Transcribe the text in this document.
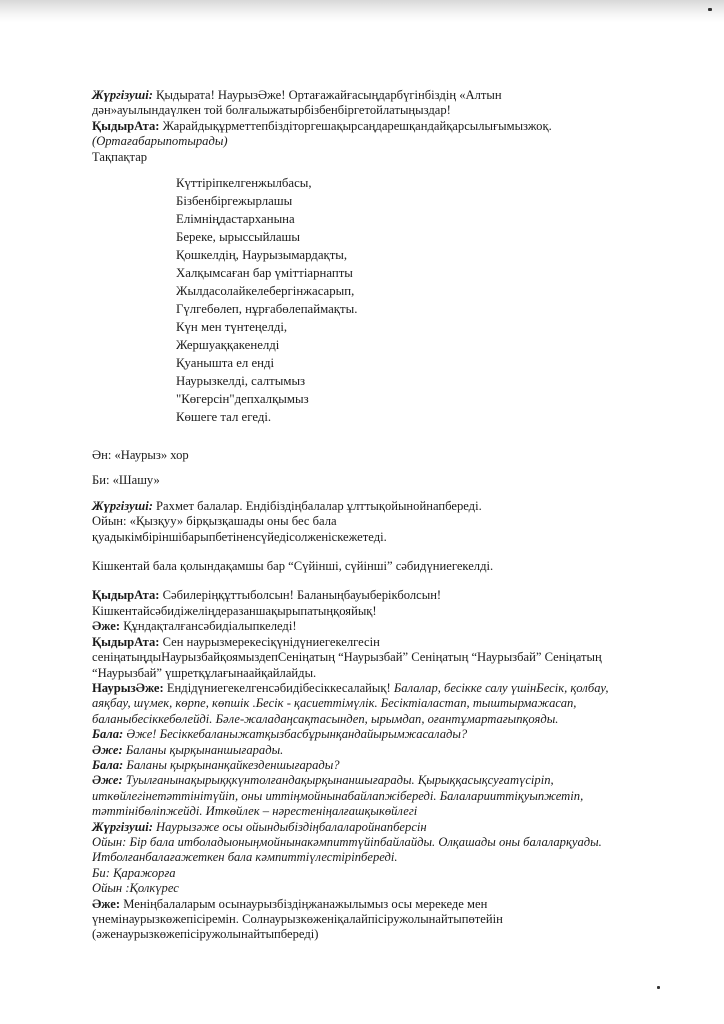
Жүргізуші: Қыдырата! НаурызӘже! Ортағажайғасыңдарбүгінбіздің «Алтын
дән»ауылындаүлкен той болғалыжатырбізбенбіргетойлатыңыздар!
ҚыдырАта: Жарайдықұрметтепбіздіторгешақырсаңдарешқандайқарсылығымызжоқ.
(Ортағабарыпотырады)
Тақпақтар
Күттіріпкелгенжылбасы,
Бізбенбіргежырлашы
Елімніңдастарханына
Береке, ырыссыйлашы
Қошкелдің, Наурызымардақты,
Халқымсаған бар үміттіарнапты
Жылдасолайкелебергінжасарып,
Гүлгебөлеп, нұрғабөлепаймақты.
Күн мен түнтеңелді,
Жершуаққакенелді
Қуаныштa ел енді
Наурызкелді, салтымыз
"Көгерсін"депхалқымыз
Көшеге тал егеді.
Ән: «Наурыз» хор
Би: «Шашу»
Жүргізуші: Рахмет балалар. Ендібіздіңбалалар ұлттықойынойнапбереді.
Ойын: «Қызқуу» бірқызқашады оны бес бала
қуадыкімбіріншібарыпбетіненсүйедісолженіскежетеді.
Кішкентай бала қолындақамшы бар “Сүйінші, сүйінші” сәбидүниегекелді.
ҚыдырАта: Сәбилеріңқұттыболсын! Баланыңбауыберікболсын!
Кішкентайсәбидіжеліңдеразаншақырыпатыңқояйық!
Әже: Құндақталғансәбидіалыпкеледі!
ҚыдырАта: Сен наурызмерекесіқүнідүниегекелгесін
сеніңатыңдыНаурызбайқоямыздепСеніңатың “Наурызбай” Сеніңатың “Наурызбай” Сеніңатың
“Наурызбай” үшретқұлағынаайқайлайды.
НаурызӘже: Ендідүниегекелгенсәбидібесіккесалайық! Балалар, бесікке салу үшінБесік, қолбау,
аяқбау, шүмек, көрпе, көпшік .Бесік - қасиеттімүлік. Бесіктіалaстап, тыштырмажасап,
баланыбесіккебөлейді. Бәле-жаладаңсақтасындеп, ырымдап, оғантұмартағыпқояды.
Бала: Әже! Бесіккебаланыжатқызбасбұрынқандайырымжасалады?
Әже: Баланы қырқынаншығарады.
Бала: Баланы қырқынанқайкезденшығарады?
Әже: Туылғанынақырыққкүнтолғандақырқынаншығарады. Қырыққасықсуғатүсіріп,
иткөйлегінетәттінітүйіп, оны иттіңмойнынабайлапжібереді. Балаларииттіқуыпжетіп,
тәттінібөліпжейді. Иткөйлек – нәрестеніңалғашқыкөйлегі
Жүргізуші: Наурызәже осы ойындыбіздіңбалаларойнапберсін
Ойын: Бір бала итболадыоныңмойнынакәмпиттүйіпбайлайды. Олқашады оны балаларқуады.
Итболғанбалағажеткен бала кәмпиттіүлестіріпбереді.
Би: Қаражорға
Ойын :Қолкүрес
Әже: Меніңбалаларым осынаурызбіздіңжанажылымыз осы мерекеде мен
үнемінаурызкөжепісіремін. Солнаурызкөженіқалайпісіружолынайтыпөтейін
(әженаурызкөжепісіружолынайтыпбереді)
